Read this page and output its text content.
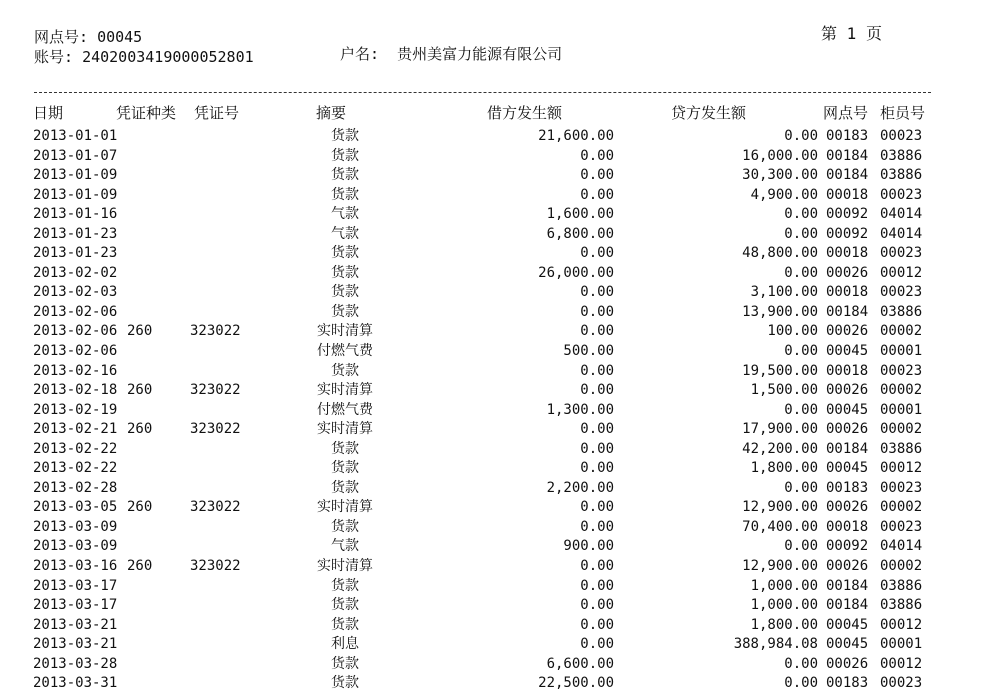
网点号: 00045
账号: 2402003419000052801	户名: 贵州美富力能源有限公司
第 1 页
日期	凭证种类 凭证号	摘要	借方发生额	贷方发生额	网点号 柜员号
2013-01-01	货款	21,600.00	0.00 00183 00023
2013-01-07	货款	0.00	16,000.00 00184 03886
2013-01-09	货款	0.00	30,300.00 00184 03886
2013-01-09	货款	0.00	4,900.00 00018 00023
2013-01-16	气款	1,600.00	0.00 00092 04014
2013-01-23	气款	6,800.00	0.00 00092 04014
2013-01-23	货款	0.00	48,800.00 00018 00023
2013-02-02	货款	26,000.00	0.00 00026 00012
2013-02-03	货款	0.00	3,100.00 00018 00023
2013-02-06	货款	0.00	13,900.00 00184 03886
2013-02-06 260	323022	实时清算	0.00	100.00 00026 00002
2013-02-06	付燃气费	500.00	0.00 00045 00001
2013-02-16	货款	0.00	19,500.00 00018 00023
2013-02-18 260	323022	实时清算	0.00	1,500.00 00026 00002
2013-02-19	付燃气费	1,300.00	0.00 00045 00001
2013-02-21 260	323022	实时清算	0.00	17,900.00 00026 00002
2013-02-22	货款	0.00	42,200.00 00184 03886
2013-02-22	货款	0.00	1,800.00 00045 00012
2013-02-28	货款	2,200.00	0.00 00183 00023
2013-03-05 260	323022	实时清算	0.00	12,900.00 00026 00002
2013-03-09	货款	0.00	70,400.00 00018 00023
2013-03-09	气款	900.00	0.00 00092 04014
2013-03-16 260	323022	实时清算	0.00	12,900.00 00026 00002
2013-03-17	货款	0.00	1,000.00 00184 03886
2013-03-17	货款	0.00	1,000.00 00184 03886
2013-03-21	货款	0.00	1,800.00 00045 00012
2013-03-21	利息	0.00	388,984.08 00045 00001
2013-03-28	货款	6,600.00	0.00 00026 00012
2013-03-31	货款	22,500.00	0.00 00183 00023
